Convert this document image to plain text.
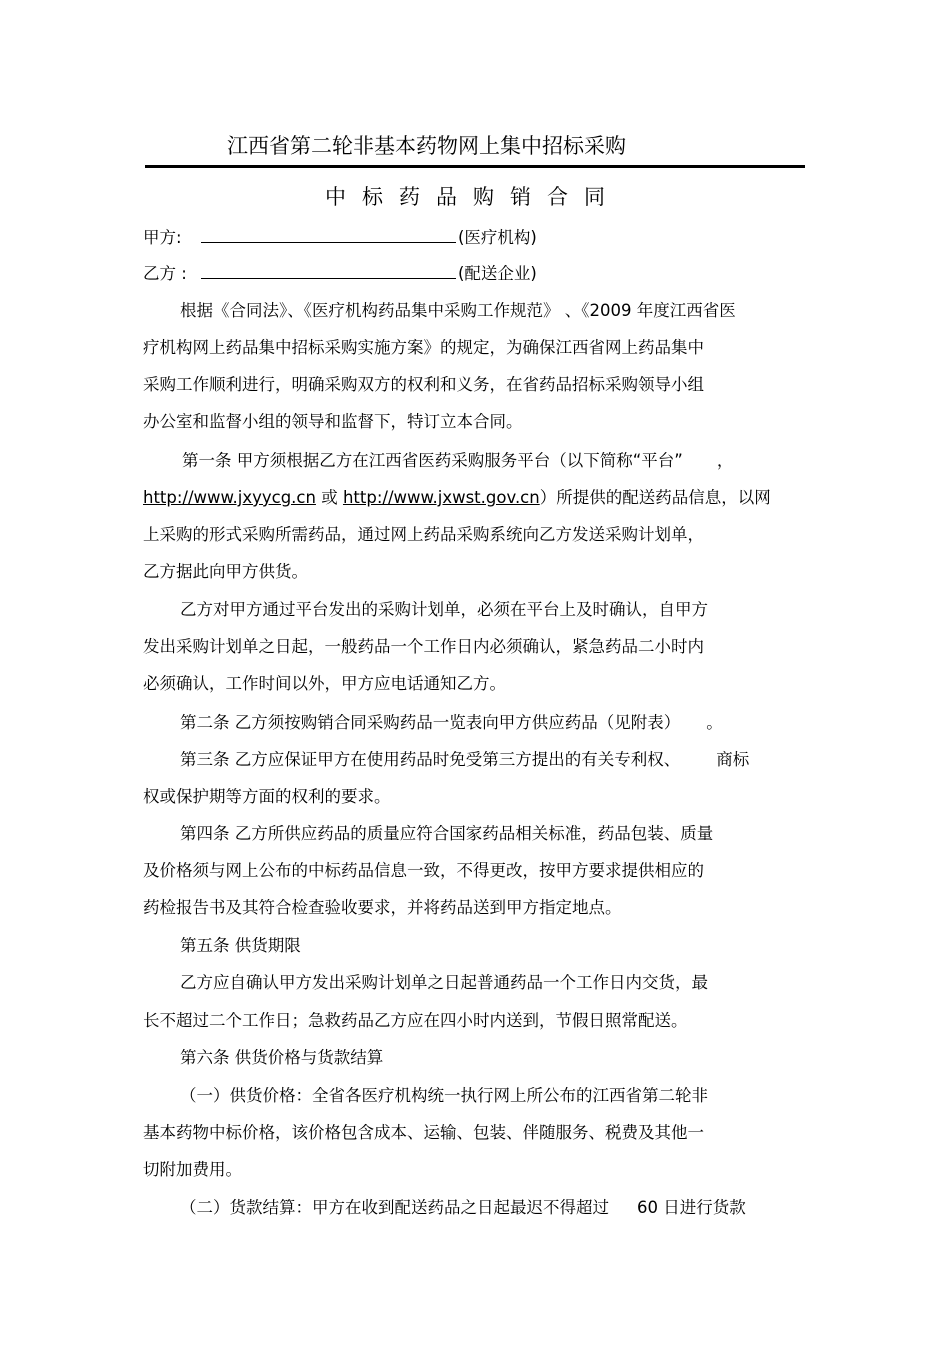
江西省第二轮非基本药物网上集中招标采购
中标药品购销合同
甲方:	(医疗机构)
乙方 :	(配送企业)
根据《合同法》、《医疗机构药品集中采购工作规范》 、《2009 年度江西省医
疗机构网上药品集中招标采购实施方案》的规定，为确保江西省网上药品集中
采购工作顺利进行，明确采购双方的权利和义务，在省药品招标采购领导小组
办公室和监督小组的领导和监督下，特订立本合同。
第一条 甲方须根据乙方在江西省医药采购服务平台（以下简称“平台” ，
http://www.jxyycg.cn 或 http://www.jxwst.gov.cn）所提供的配送药品信息，以网
上采购的形式采购所需药品，通过网上药品采购系统向乙方发送采购计划单，
乙方据此向甲方供货。
乙方对甲方通过平台发出的采购计划单，必须在平台上及时确认，自甲方
发出采购计划单之日起，一般药品一个工作日内必须确认，紧急药品二小时内
必须确认，工作时间以外，甲方应电话通知乙方。
第二条 乙方须按购销合同采购药品一览表向甲方供应药品（见附表） 。
第三条 乙方应保证甲方在使用药品时免受第三方提出的有关专利权、 商标
权或保护期等方面的权利的要求。
第四条 乙方所供应药品的质量应符合国家药品相关标准，药品包装、质量
及价格须与网上公布的中标药品信息一致，不得更改，按甲方要求提供相应的
药检报告书及其符合检查验收要求，并将药品送到甲方指定地点。
第五条 供货期限
乙方应自确认甲方发出采购计划单之日起普通药品一个工作日内交货，最
长不超过二个工作日；急救药品乙方应在四小时内送到，节假日照常配送。
第六条 供货价格与货款结算
（一）供货价格：全省各医疗机构统一执行网上所公布的江西省第二轮非
基本药物中标价格，该价格包含成本、运输、包装、伴随服务、税费及其他一
切附加费用。
（二）货款结算：甲方在收到配送药品之日起最迟不得超过 60 日进行货款
